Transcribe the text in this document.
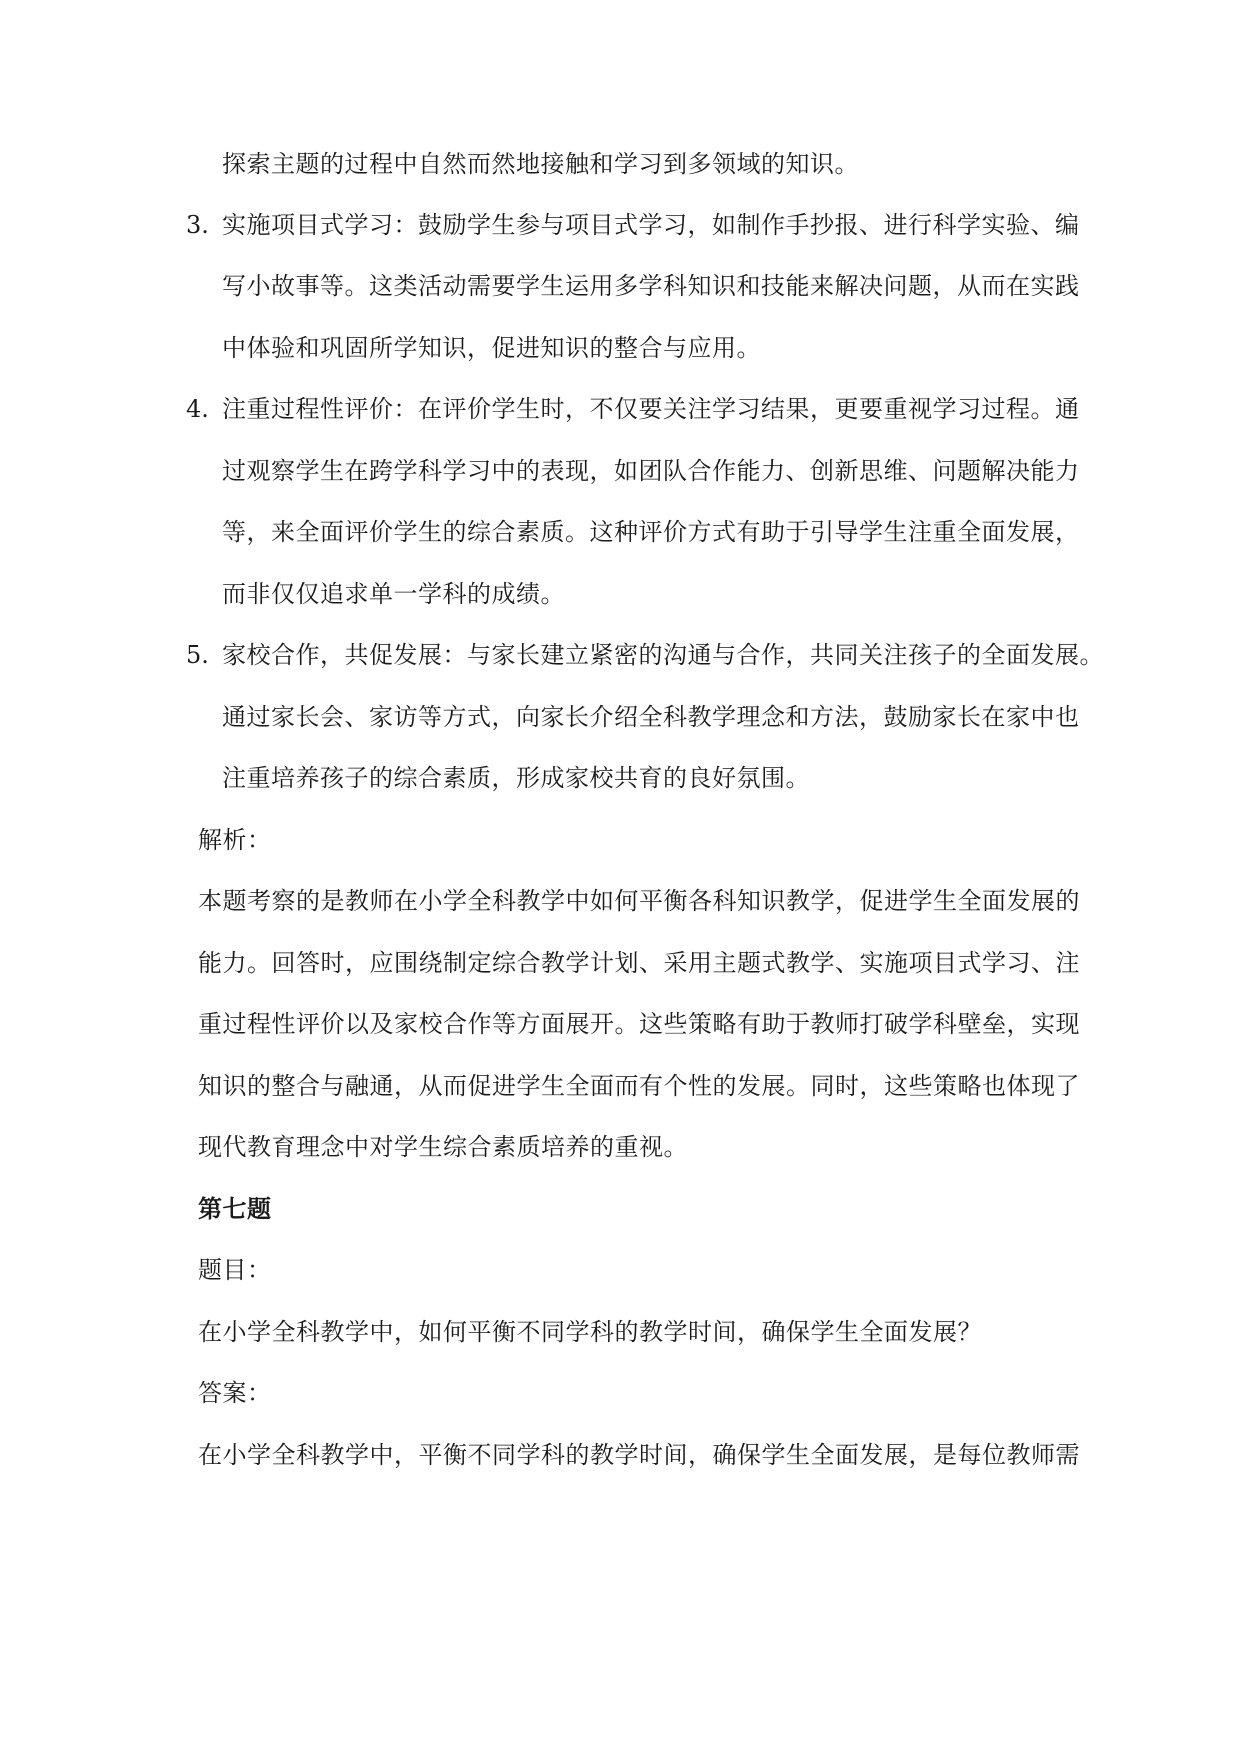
探索主题的过程中自然而然地接触和学习到多领域的知识。
3. 实施项目式学习：鼓励学生参与项目式学习，如制作手抄报、进行科学实验、编
写小故事等。这类活动需要学生运用多学科知识和技能来解决问题，从而在实践
中体验和巩固所学知识，促进知识的整合与应用。
4. 注重过程性评价：在评价学生时，不仅要关注学习结果，更要重视学习过程。通
过观察学生在跨学科学习中的表现，如团队合作能力、创新思维、问题解决能力
等，来全面评价学生的综合素质。这种评价方式有助于引导学生注重全面发展，
而非仅仅追求单一学科的成绩。
5. 家校合作，共促发展：与家长建立紧密的沟通与合作，共同关注孩子的全面发展。
通过家长会、家访等方式，向家长介绍全科教学理念和方法，鼓励家长在家中也
注重培养孩子的综合素质，形成家校共育的良好氛围。
解析：
本题考察的是教师在小学全科教学中如何平衡各科知识教学，促进学生全面发展的
能力。回答时，应围绕制定综合教学计划、采用主题式教学、实施项目式学习、注
重过程性评价以及家校合作等方面展开。这些策略有助于教师打破学科壁垒，实现
知识的整合与融通，从而促进学生全面而有个性的发展。同时，这些策略也体现了
现代教育理念中对学生综合素质培养的重视。
第七题
题目：
在小学全科教学中，如何平衡不同学科的教学时间，确保学生全面发展？
答案：
在小学全科教学中，平衡不同学科的教学时间，确保学生全面发展，是每位教师需
